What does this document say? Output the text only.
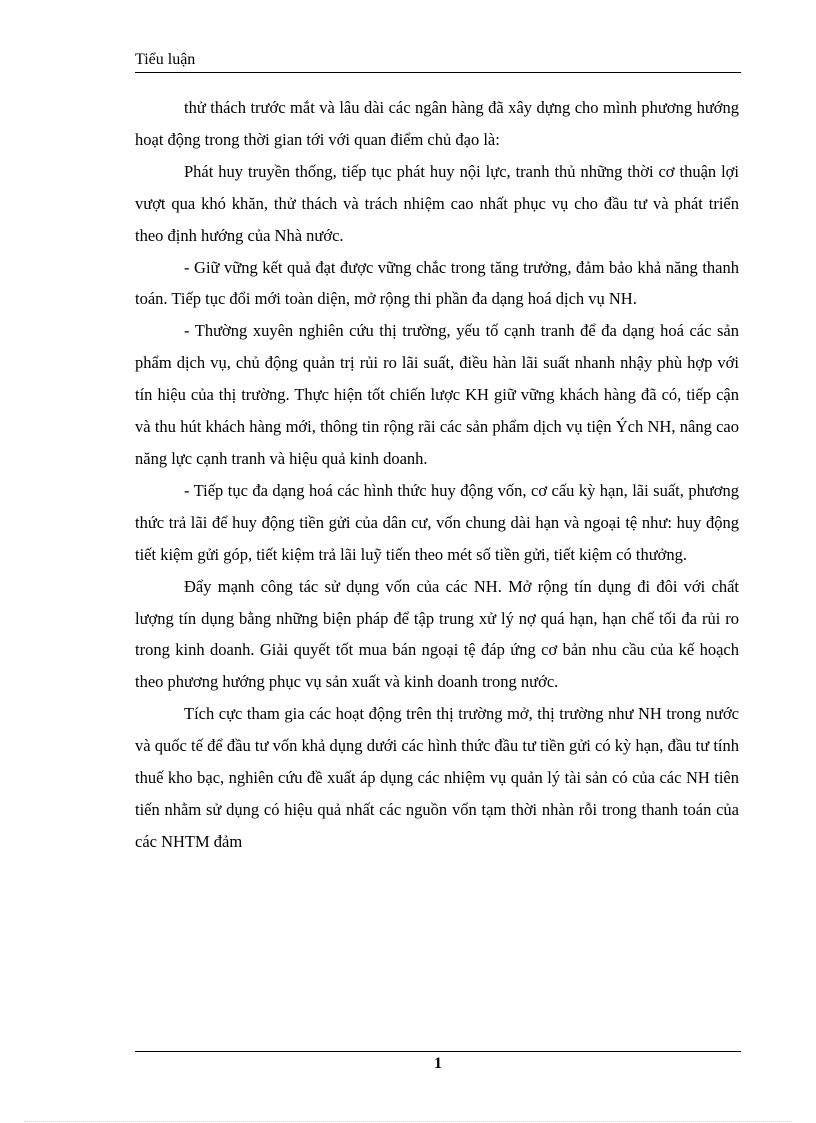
Tiểu luận

thử thách trước mắt và lâu dài các ngân hàng đã xây dựng cho mình phương hướng hoạt động trong thời gian tới với quan điểm chủ đạo là:

Phát huy truyền thống, tiếp tục phát huy nội lực, tranh thủ những thời cơ thuận lợi vượt qua khó khăn, thử thách và trách nhiệm cao nhất phục vụ cho đầu tư và phát triển theo định hướng của Nhà nước.

- Giữ vững kết quả đạt được vững chắc trong tăng trưởng, đảm bảo khả năng thanh toán. Tiếp tục đổi mới toàn diện, mở rộng thi phần đa dạng hoá dịch vụ NH.

- Thường xuyên nghiên cứu thị trường, yếu tố cạnh tranh để đa dạng hoá các sản phẩm dịch vụ, chủ động quản trị rủi ro lãi suất, điều hàn lãi suất nhanh nhậy phù hợp với tín hiệu của thị trường. Thực hiện tốt chiến lược KH giữ vững khách hàng đã có, tiếp cận và thu hút khách hàng mới, thông tin rộng rãi các sản phẩm dịch vụ tiện Ých NH, nâng cao năng lực cạnh tranh và hiệu quả kinh doanh.

- Tiếp tục đa dạng hoá các hình thức huy động vốn, cơ cấu kỳ hạn, lãi suất, phương thức trả lãi để huy động tiền gửi của dân cư, vốn chung dài hạn và ngoại tệ như: huy động tiết kiệm gửi góp, tiết kiệm trả lãi luỹ tiến theo mét số tiền gửi, tiết kiệm có thưởng.

Đẩy mạnh công tác sử dụng vốn của các NH. Mở rộng tín dụng đi đôi với chất lượng tín dụng bằng những biện pháp để tập trung xử lý nợ quá hạn, hạn chế tối đa rủi ro trong kinh doanh. Giải quyết tốt mua bán ngoại tệ đáp ứng cơ bản nhu cầu của kế hoạch theo phương hướng phục vụ sản xuất và kinh doanh trong nước.

Tích cực tham gia các hoạt động trên thị trường mở, thị trường như NH trong nước và quốc tế để đầu tư vốn khả dụng dưới các hình thức đầu tư tiền gửi có kỳ hạn, đầu tư tính thuế kho bạc, nghiên cứu đề xuất áp dụng các nhiệm vụ quản lý tài sản có của các NH tiên tiến nhằm sử dụng có hiệu quả nhất các nguồn vốn tạm thời nhàn rỗi trong thanh toán của các NHTM đảm

1
